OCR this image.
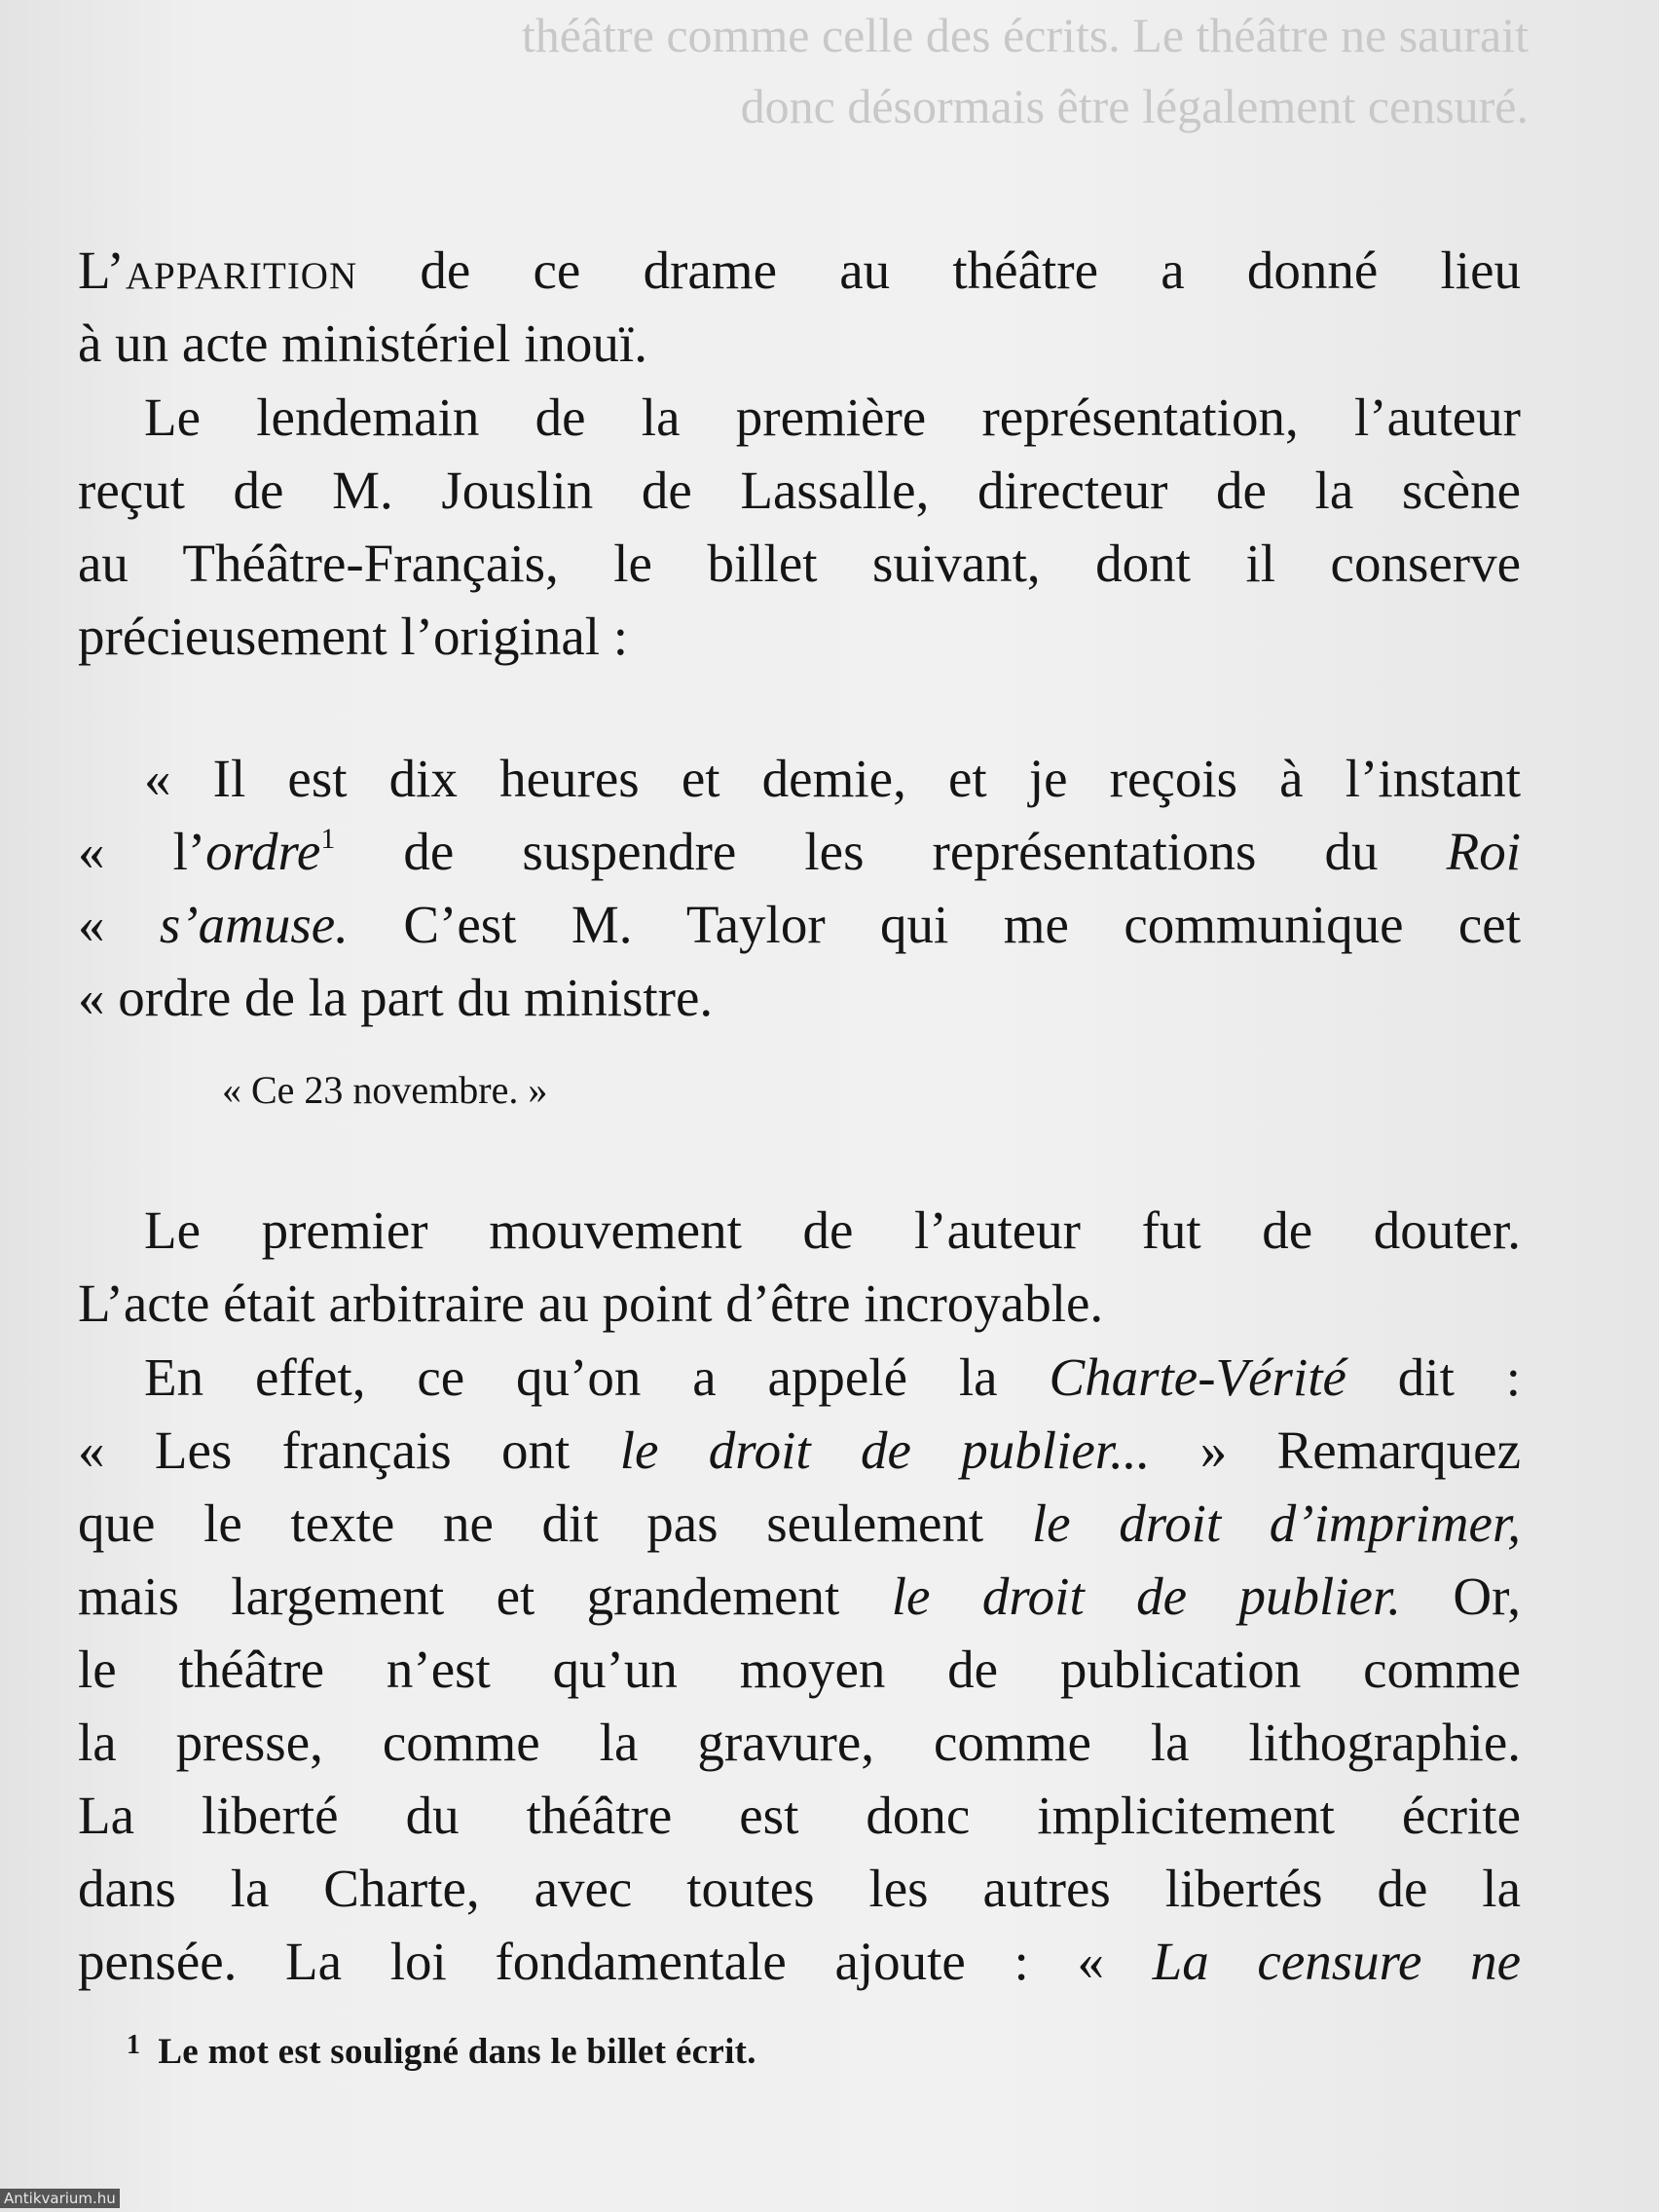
théâtre comme celle des écrits. Le théâtre ne saurait
donc désormais être légalement censuré.
L’apparition de ce drame au théâtre a donné lieu
à un acte ministériel inouï.
Le lendemain de la première représentation, l’auteur
reçut de M. Jouslin de Lassalle, directeur de la scène
au Théâtre-Français, le billet suivant, dont il conserve
précieusement l’original :
« Il est dix heures et demie, et je reçois à l’instant
« l’ordre$^1$ de suspendre les représentations du Roi
« s’amuse. C’est M. Taylor qui me communique cet
« ordre de la part du ministre.
« Ce 23 novembre. »
Le premier mouvement de l’auteur fut de douter.
L’acte était arbitraire au point d’être incroyable.
En effet, ce qu’on a appelé la Charte-Vérité dit :
« Les français ont le droit de publier... » Remarquez
que le texte ne dit pas seulement le droit d’imprimer,
mais largement et grandement le droit de publier. Or,
le théâtre n’est qu’un moyen de publication comme
la presse, comme la gravure, comme la lithographie.
La liberté du théâtre est donc implicitement écrite
dans la Charte, avec toutes les autres libertés de la
pensée. La loi fondamentale ajoute : « La censure ne
$^1$ Le mot est souligné dans le billet écrit.
Antikvarium.hu
